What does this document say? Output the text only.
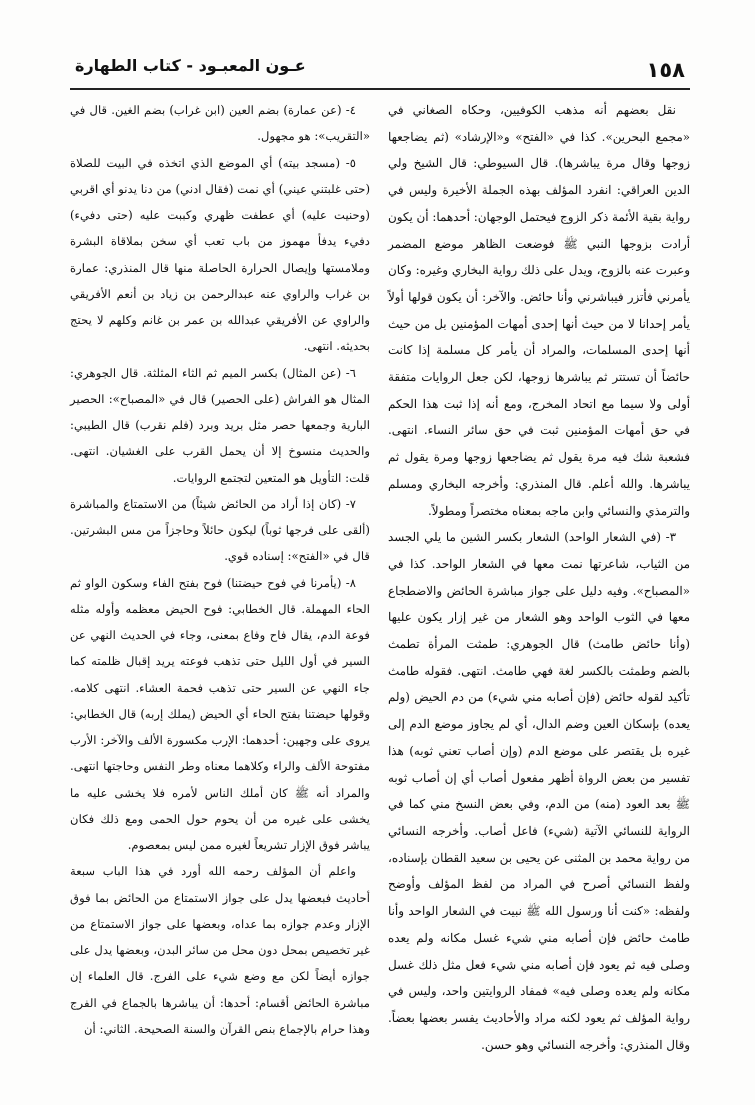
١٥٨
عـون المعبـود - كتاب الطهارة

نقل بعضهم أنه مذهب الكوفيين، وحكاه الصغاني في «مجمع البحرين». كذا في «الفتح» و«الإرشاد» (ثم يضاجعها زوجها وقال مرة يباشرها). قال السيوطي: قال الشيخ ولي الدين العراقي: انفرد المؤلف بهذه الجملة الأخيرة وليس في رواية بقية الأئمة ذكر الزوج فيحتمل الوجهان: أحدهما: أن يكون أرادت بزوجها النبي ﷺ فوضعت الظاهر موضع المضمر وعبرت عنه بالزوج، ويدل على ذلك رواية البخاري وغيره: وكان يأمرني فأتزر فيباشرني وأنا حائض. والآخر: أن يكون قولها أولاً يأمر إحدانا لا من حيث أنها إحدى أمهات المؤمنين بل من حيث أنها إحدى المسلمات، والمراد أن يأمر كل مسلمة إذا كانت حائضاً أن تستتر ثم يباشرها زوجها، لكن جعل الروايات متفقة أولى ولا سيما مع اتحاد المخرج، ومع أنه إذا ثبت هذا الحكم في حق أمهات المؤمنين ثبت في حق سائر النساء. انتهى. فشعبة شك فيه مرة يقول ثم يضاجعها زوجها ومرة يقول ثم يباشرها. والله أعلم. قال المنذري: وأخرجه البخاري ومسلم والترمذي والنسائي وابن ماجه بمعناه مختصراً ومطولاً.

٣- (في الشعار الواحد) الشعار بكسر الشين ما يلي الجسد من الثياب، شاعرتها نمت معها في الشعار الواحد. كذا في «المصباح». وفيه دليل على جواز مباشرة الحائض والاضطجاع معها في الثوب الواحد وهو الشعار من غير إزار يكون عليها (وأنا حائض طامث) قال الجوهري: طمثت المرأة تطمث بالضم وطمثت بالكسر لغة فهي طامث. انتهى. فقوله طامث تأكيد لقوله حائض (فإن أصابه مني شيء) من دم الحيض (ولم يعده) بإسكان العين وضم الدال، أي لم يجاوز موضع الدم إلى غيره بل يقتصر على موضع الدم (وإن أصاب تعني ثوبه) هذا تفسير من بعض الرواة أظهر مفعول أصاب أي إن أصاب ثوبه ﷺ بعد العود (منه) من الدم، وفي بعض النسخ مني كما في الرواية للنسائي الآتية (شيء) فاعل أصاب. وأخرجه النسائي من رواية محمد بن المثنى عن يحيى بن سعيد القطان بإسناده، ولفظ النسائي أصرح في المراد من لفظ المؤلف وأوضح ولفظه: «كنت أنا ورسول الله ﷺ نبيت في الشعار الواحد وأنا طامث حائض فإن أصابه مني شيء غسل مكانه ولم يعده وصلى فيه ثم يعود فإن أصابه مني شيء فعل مثل ذلك غسل مكانه ولم يعده وصلى فيه» فمفاد الروايتين واحد، وليس في رواية المؤلف ثم يعود لكنه مراد والأحاديث يفسر بعضها بعضاً. وقال المنذري: وأخرجه النسائي وهو حسن.

٤- (عن عمارة) بضم العين (ابن غراب) بضم الغين. قال في «التقريب»: هو مجهول.

٥- (مسجد بيته) أي الموضع الذي اتخذه في البيت للصلاة (حتى غلبتني عيني) أي نمت (فقال ادني) من دنا يدنو أي اقربي (وحنيت عليه) أي عطفت ظهري وكببت عليه (حتى دفيء) دفيء يدفأ مهموز من باب تعب أي سخن بملاقاة البشرة وملامستها وإيصال الحرارة الحاصلة منها قال المنذري: عمارة بن غراب والراوي عنه عبدالرحمن بن زياد بن أنعم الأفريقي والراوي عن الأفريقي عبدالله بن عمر بن غانم وكلهم لا يحتج بحديثه. انتهى.

٦- (عن المثال) بكسر الميم ثم الثاء المثلثة. قال الجوهري: المثال هو الفراش (على الحصير) قال في «المصباح»: الحصير البارية وجمعها حصر مثل بريد وبرد (فلم نقرب) قال الطيبي: والحديث منسوخ إلا أن يحمل القرب على الغشيان. انتهى. قلت: التأويل هو المتعين لتجتمع الروايات.

٧- (كان إذا أراد من الحائض شيئاً) من الاستمتاع والمباشرة (ألقى على فرجها ثوباً) ليكون حائلاً وحاجزاً من مس البشرتين. قال في «الفتح»: إسناده قوي.

٨- (يأمرنا في فوح حيضتنا) فوح بفتح الفاء وسكون الواو ثم الحاء المهملة. قال الخطابي: فوح الحيض معظمه وأوله مثله فوعة الدم، يقال فاح وفاع بمعنى، وجاء في الحديث النهي عن السير في أول الليل حتى تذهب فوعته يريد إقبال ظلمته كما جاء النهي عن السير حتى تذهب فحمة العشاء. انتهى كلامه. وقولها حيضتنا بفتح الحاء أي الحيض (يملك إربه) قال الخطابي: يروى على وجهين: أحدهما: الإرب مكسورة الألف والآخر: الأرب مفتوحة الألف والراء وكلاهما معناه وطر النفس وحاجتها انتهى. والمراد أنه ﷺ كان أملك الناس لأمره فلا يخشى عليه ما يخشى على غيره من أن يحوم حول الحمى ومع ذلك فكان يباشر فوق الإزار تشريعاً لغيره ممن ليس بمعصوم.

واعلم أن المؤلف رحمه الله أورد في هذا الباب سبعة أحاديث فبعضها يدل على جواز الاستمتاع من الحائض بما فوق الإزار وعدم جوازه بما عداه، وبعضها على جواز الاستمتاع من غير تخصيص بمحل دون محل من سائر البدن، وبعضها يدل على جوازه أيضاً لكن مع وضع شيء على الفرج. قال العلماء إن مباشرة الحائض أقسام: أحدها: أن يباشرها بالجماع في الفرج وهذا حرام بالإجماع بنص القرآن والسنة الصحيحة. الثاني: أن
